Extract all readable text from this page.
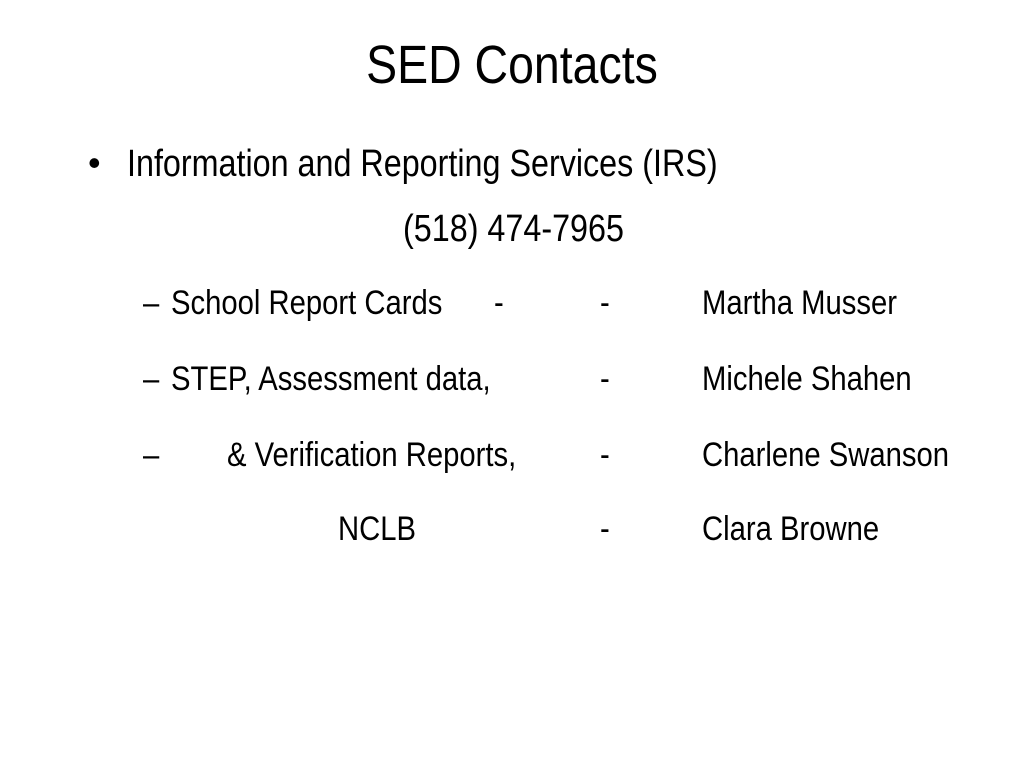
SED Contacts
• Information and Reporting Services (IRS)
(518) 474-7965
– School Report Cards -	-	Martha Musser
– STEP, Assessment data,	-	Michele Shahen
– & Verification Reports, -	Charlene Swanson
NCLB	-	Clara Browne
